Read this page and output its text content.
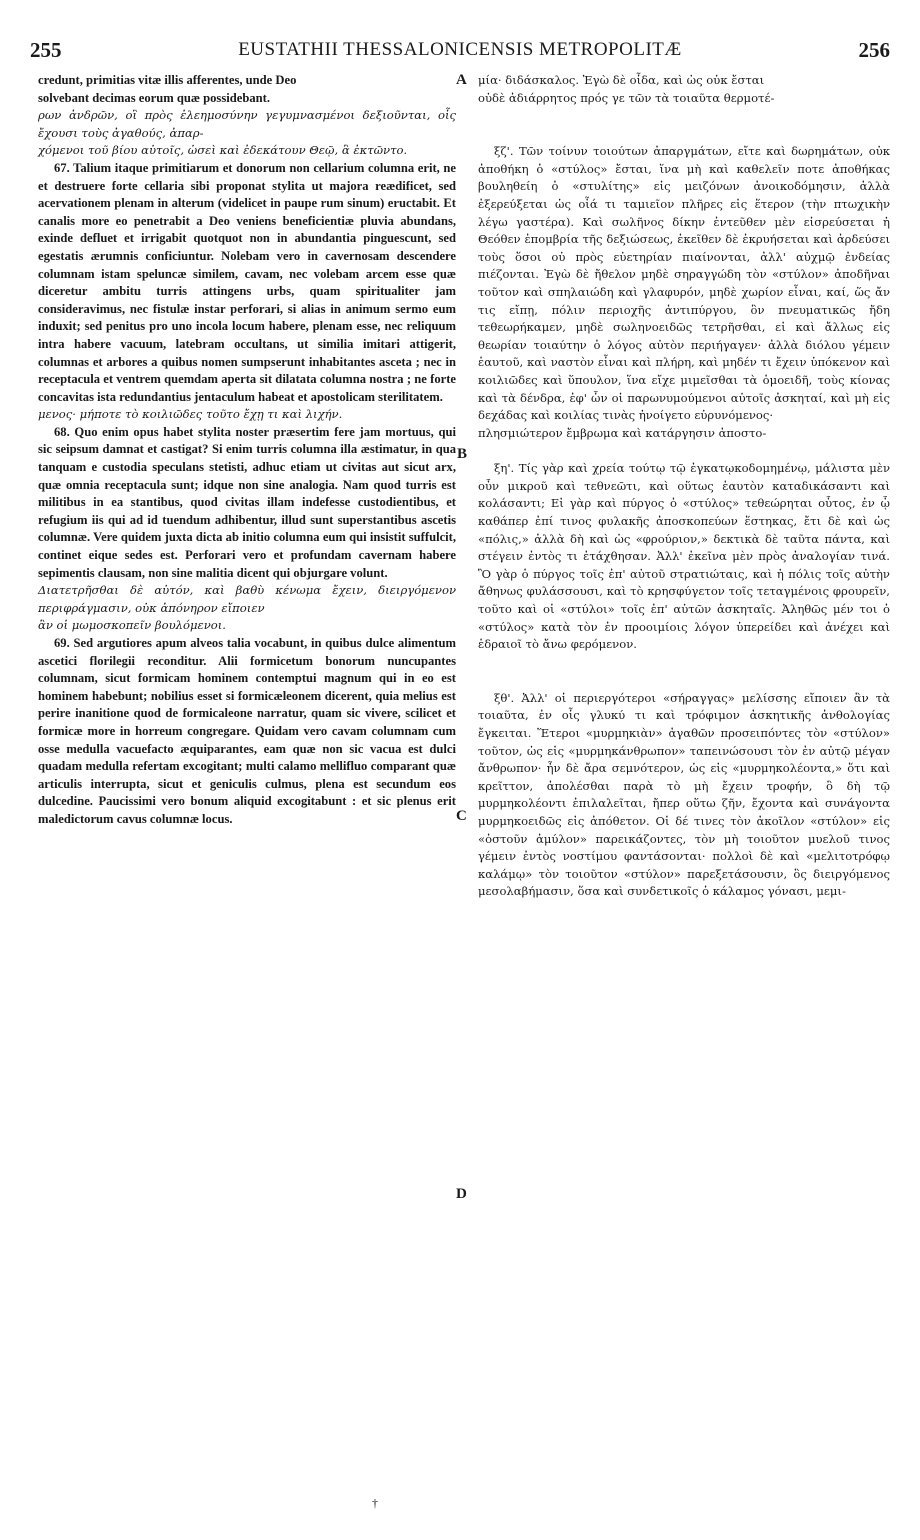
255	EUSTATHII THESSALONICENSIS METROPOLITÆ	256

credunt, primitias vitæ illis afferentes, unde Deo

solvebant decimas eorum quæ possidebant.

ρων ἀνδρῶν, οἳ πρὸς ἐλεημοσύνην γεγυμνασμένοι δεξιοῦνται, οἷς ἔχουσι τοὺς ἀγαθούς, ἀπαρ-

χόμενοι τοῦ βίου αὐτοῖς, ὡσεὶ καὶ ἐδεκάτουν Θεῷ, ἃ ἐκτῶντο.

67. Talium itaque primitiarum et donorum non cellarium columna erit, ne et destruere forte cellaria sibi proponat stylita ut majora reædificet, sed acervationem plenam in alterum (videlicet in paupe rum sinum) eructabit. Et canalis more eo penetrabit a Deo veniens beneficientiæ pluvia abundans, exinde defluet et irrigabit quotquot non in abundantia pinguescunt, sed egestatis ærumnis conficiuntur. Nolebam vero in cavernosam descendere columnam istam speluncæ similem, cavam, nec volebam arcem esse quæ diceretur ambitu turris attingens urbs, quam spiritualiter jam consideravimus, nec fistulæ instar perforari, si alias in animum sermo eum induxit; sed penitus pro uno incola locum habere, plenam esse, nec reliquum intra habere vacuum, latebram occultans, ut similia imitari attigerit, columnas et arbores a quibus nomen sumpserunt inhabitantes asceta ; nec in receptacula et ventrem quemdam aperta sit dilatata columna nostra ; ne forte concavitas ista redundantius jentaculum habeat et apostolicam sterilitatem.

μενος· μήποτε τὸ κοιλιῶδες τοῦτο ἔχῃ τι καὶ λιχήν.

68. Quo enim opus habet stylita noster præsertim fere jam mortuus, qui sic seipsum damnat et castigat? Si enim turris columna illa æstimatur, in qua tanquam e custodia speculans stetisti, adhuc etiam ut civitas aut sicut arx, quæ omnia receptacula sunt; idque non sine analogia. Nam quod turris est militibus in ea stantibus, quod civitas illam indefesse custodientibus, et refugium iis qui ad id tuendum adhibentur, illud sunt superstantibus ascetis columnæ. Vere quidem juxta dicta ab initio columna eum qui insistit suffulcit, continet eique sedes est. Perforari vero et profundam cavernam habere sepimentis clausam, non sine malitia dicent qui objurgare volunt.

Διατετρῆσθαι δὲ αὐτόν, καὶ βαθὺ κένωμα ἔχειν, διειργόμενον περιφράγμασιν, οὐκ ἀπόνηρον εἴποιεν

ἂν οἱ μωμοσκοπεῖν βουλόμενοι.

69. Sed argutiores apum alveos talia vocabunt, in quibus dulce alimentum ascetici florilegii reconditur. Alii formicetum bonorum nuncupantes columnam, sicut formicam hominem contemptui magnum qui in eo est hominem habebunt; nobilius esset si formicæleonem dicerent, quia melius est perire inanitione quod de formicaleone narratur, quam sic vivere, scilicet et formicæ more in horreum congregare. Quidam vero cavam columnam cum osse medulla vacuefacto æquiparantes, eam quæ non sic vacua est dulci quadam medulla refertam excogitant; multi calamo mellifluo comparant quæ articulis interrupta, sicut et geniculis culmus, plena est secundum eos dulcedine. Paucissimi vero bonum aliquid excogitabunt : et sic plenus erit maledictorum cavus columnæ locus.

μία· διδάσκαλος. Ἐγὼ δὲ οἶδα, καὶ ὡς οὐκ ἔσται

οὐδὲ ἀδιάρρητος πρός γε τῶν τὰ τοιαῦτα θερμοτέ-

ξζ'. Τῶν τοίνυν τοιούτων ἀπαργμάτων, εἴτε καὶ δωρημάτων, οὐκ ἀποθήκη ὁ «στύλος» ἔσται, ἵνα μὴ καὶ καθελεῖν ποτε ἀποθήκας βουληθείη ὁ «στυλίτης» εἰς μειζόνων ἀνοικοδόμησιν, ἀλλὰ ἐξερεύξεται ὡς οἷά τι ταμιεῖον πλῆρες εἰς ἕτερον (τὴν πτωχικὴν λέγω γαστέρα). Καὶ σωλῆνος δίκην ἐντεῦθεν μὲν εἰσρεύσεται ἡ Θεόθεν ἐπομβρία τῆς δεξιώσεως, ἐκεῖθεν δὲ ἐκρυήσεται καὶ ἀρδεύσει τοὺς ὅσοι οὐ πρὸς εὐετηρίαν πιαίνονται, ἀλλ' αὐχμῷ ἐνδείας πιέζονται. Ἐγὼ δὲ ἤθελον μηδὲ σηραγγώδη τὸν «στύλον» ἀποδῆναι τοῦτον καὶ σπηλαιώδη καὶ γλαφυρόν, μηδὲ χωρίον εἶναι, καί, ὥς ἄν τις εἴπῃ, πόλιν περιοχῆς ἀντιπύργου, ὃν πνευματικῶς ἤδη τεθεωρήκαμεν, μηδὲ σωληνοειδῶς τετρῆσθαι, εἰ καὶ ἄλλως εἰς θεωρίαν τοιαύτην ὁ λόγος αὐτὸν περιήγαγεν· ἀλλὰ διόλου γέμειν ἑαυτοῦ, καὶ ναστὸν εἶναι καὶ πλήρη, καὶ μηδέν τι ἔχειν ὑπόκενον καὶ κοιλιῶδες καὶ ὕπουλον, ἵνα εἴχε μιμεῖσθαι τὰ ὁμοειδῆ, τοὺς κίονας καὶ τὰ δένδρα, ἐφ' ὧν οἱ παρωνυμούμενοι αὐτοῖς ἀσκηταί, καὶ μὴ εἰς δεχάδας καὶ κοιλίας τινὰς ἠνοίγετο εὐρυνόμενος·

πλησμιώτερον ἔμβρωμα καὶ κατάργησιν ἀποστο-

ξη'. Τίς γὰρ καὶ χρεία τούτῳ τῷ ἐγκατῳκοδομημένῳ, μάλιστα μὲν οὖν μικροῦ καὶ τεθνεῶτι, καὶ οὕτως ἑαυτὸν καταδικάσαντι καὶ κολάσαντι; Εἰ γὰρ καὶ πύργος ὁ «στύλος» τεθεώρηται οὗτος, ἐν ᾧ καθάπερ ἐπί τινος φυλακῆς ἀποσκοπεύων ἕστηκας, ἔτι δὲ καὶ ὡς «πόλις,» ἀλλὰ δὴ καὶ ὡς «φρούριον,» δεκτικὰ δὲ ταῦτα πάντα, καὶ στέγειν ἐντὸς τι ἐτάχθησαν. Ἀλλ' ἐκεῖνα μὲν πρὸς ἀναλογίαν τινά. Ὃ γὰρ ὁ πύργος τοῖς ἐπ' αὐτοῦ στρατιώταις, καὶ ἡ πόλις τοῖς αὐτὴν ἄθηνως φυλάσσουσι, καὶ τὸ κρησφύγετον τοῖς τεταγμένοις φρουρεῖν, τοῦτο καὶ οἱ «στύλοι» τοῖς ἐπ' αὐτῶν ἀσκηταῖς. Ἀληθῶς μέν τοι ὁ «στύλος» κατὰ τὸν ἐν προοιμίοις λόγον ὑπερείδει καὶ ἀνέχει καὶ ἑδραιοῖ τὸ ἄνω φερόμενον.

ξθ'. Ἀλλ' οἱ περιεργότεροι «σήραγγας» μελίσσης εἴποιεν ἂν τὰ τοιαῦτα, ἐν οἷς γλυκύ τι καὶ τρόφιμον ἀσκητικῆς ἀνθολογίας ἔγκειται. Ἕτεροι «μυρμηκιὰν» ἀγαθῶν προσειπόντες τὸν «στύλον» τοῦτον, ὡς εἰς «μυρμηκάνθρωπον» ταπεινώσουσι τὸν ἐν αὐτῷ μέγαν ἄνθρωπον· ἦν δὲ ἄρα σεμνότερον, ὡς εἰς «μυρμηκολέοντα,» ὅτι καὶ κρεῖττον, ἀπολέσθαι παρὰ τὸ μὴ ἔχειν τροφήν, ὃ δὴ τῷ μυρμηκολέοντι ἐπιλαλεῖται, ἤπερ οὕτω ζῆν, ἔχοντα καὶ συνάγοντα μυρμηκοειδῶς εἰς ἀπόθετον. Οἱ δέ τινες τὸν ἀκοῖλον «στύλον» εἰς «ὀστοῦν ἀμύλον» παρεικάζοντες, τὸν μὴ τοιοῦτον μυελοῦ τινος γέμειν ἐντὸς νοστίμου φαντάσονται· πολλοὶ δὲ καὶ «μελιτοτρόφῳ καλάμῳ» τὸν τοιοῦτον «στύλον» παρεξετάσουσιν, ὃς διειργόμενος μεσολαβήμασιν, ὅσα καὶ συνδετικοῖς ὁ κάλαμος γόνασι, μεμι-

A
B
C
D
†
